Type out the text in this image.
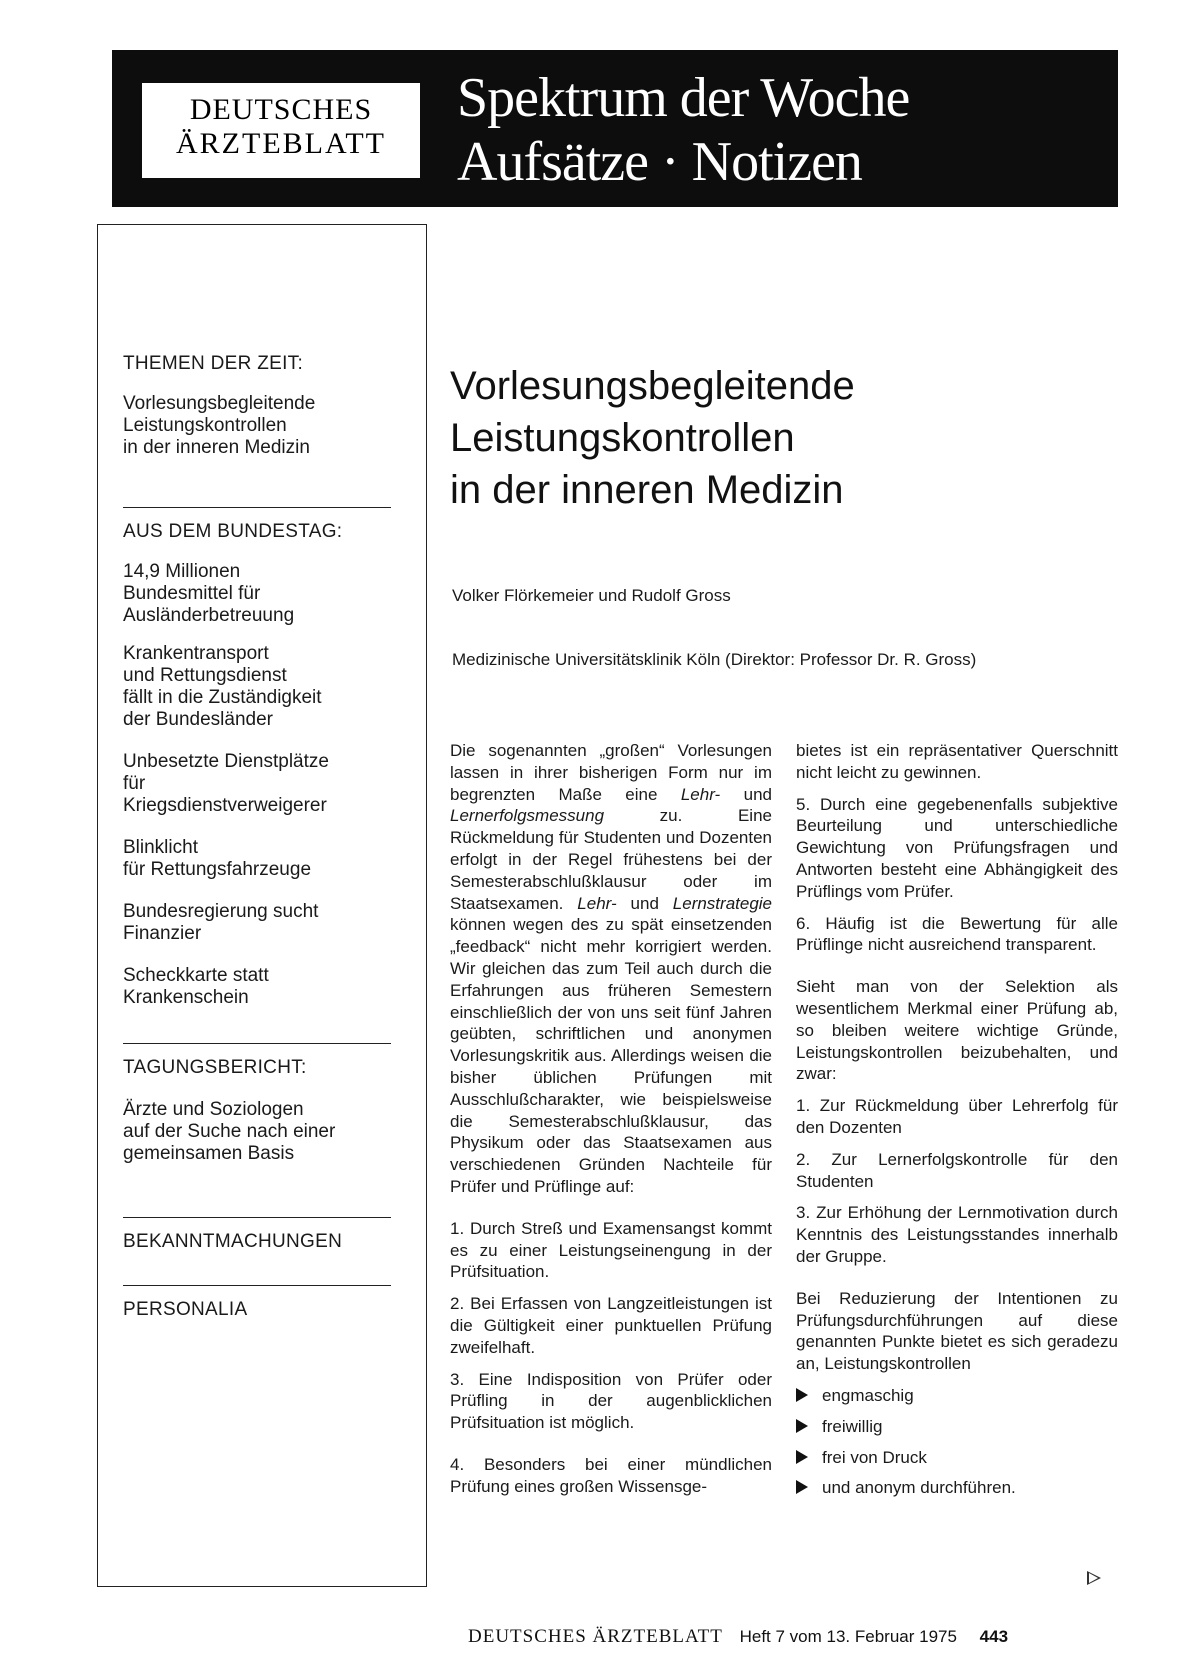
DEUTSCHES
ÄRZTEBLATT
Spektrum der Woche
Aufsätze · Notizen
THEMEN DER ZEIT:
Vorlesungsbegleitende
Leistungskontrollen
in der inneren Medizin
AUS DEM BUNDESTAG:
14,9 Millionen
Bundesmittel für
Ausländerbetreuung
Krankentransport
und Rettungsdienst
fällt in die Zuständigkeit
der Bundesländer
Unbesetzte Dienstplätze
für
Kriegsdienstverweigerer
Blinklicht
für Rettungsfahrzeuge
Bundesregierung sucht
Finanzier
Scheckkarte statt
Krankenschein
TAGUNGSBERICHT:
Ärzte und Soziologen
auf der Suche nach einer
gemeinsamen Basis
BEKANNTMACHUNGEN
PERSONALIA
Vorlesungsbegleitende
Leistungskontrollen
in der inneren Medizin
Volker Flörkemeier und Rudolf Gross
Medizinische Universitätsklinik Köln (Direktor: Professor Dr. R. Gross)

Die sogenannten „großen“ Vorlesungen lassen in ihrer bisherigen Form nur im begrenzten Maße eine Lehr- und Lernerfolgsmessung zu. Eine Rückmeldung für Studenten und Dozenten erfolgt in der Regel frühestens bei der Semesterabschlußklausur oder im Staatsexamen. Lehr- und Lernstrategie können wegen des zu spät einsetzenden „feedback“ nicht mehr korrigiert werden. Wir gleichen das zum Teil auch durch die Erfahrungen aus früheren Semestern einschließlich der von uns seit fünf Jahren geübten, schriftlichen und anonymen Vorlesungskritik aus. Allerdings weisen die bisher üblichen Prüfungen mit Ausschlußcharakter, wie beispielsweise die Semesterabschlußklausur, das Physikum oder das Staatsexamen aus verschiedenen Gründen Nachteile für Prüfer und Prüflinge auf:

1. Durch Streß und Examensangst kommt es zu einer Leistungseinengung in der Prüfsituation.

2. Bei Erfassen von Langzeitleistungen ist die Gültigkeit einer punktuellen Prüfung zweifelhaft.

3. Eine Indisposition von Prüfer oder Prüfling in der augenblicklichen Prüfsituation ist möglich.

4. Besonders bei einer mündlichen Prüfung eines großen Wissensge-

bietes ist ein repräsentativer Querschnitt nicht leicht zu gewinnen.

5. Durch eine gegebenenfalls subjektive Beurteilung und unterschiedliche Gewichtung von Prüfungsfragen und Antworten besteht eine Abhängigkeit des Prüflings vom Prüfer.

6. Häufig ist die Bewertung für alle Prüflinge nicht ausreichend transparent.

Sieht man von der Selektion als wesentlichem Merkmal einer Prüfung ab, so bleiben weitere wichtige Gründe, Leistungskontrollen beizubehalten, und zwar:

1. Zur Rückmeldung über Lehrerfolg für den Dozenten

2. Zur Lernerfolgskontrolle für den Studenten

3. Zur Erhöhung der Lernmotivation durch Kenntnis des Leistungsstandes innerhalb der Gruppe.

Bei Reduzierung der Intentionen zu Prüfungsdurchführungen auf diese genannten Punkte bietet es sich geradezu an, Leistungskontrollen

engmaschig
freiwillig
frei von Druck
und anonym durchführen.
DEUTSCHES ÄRZTEBLATT Heft 7 vom 13. Februar 1975 443
